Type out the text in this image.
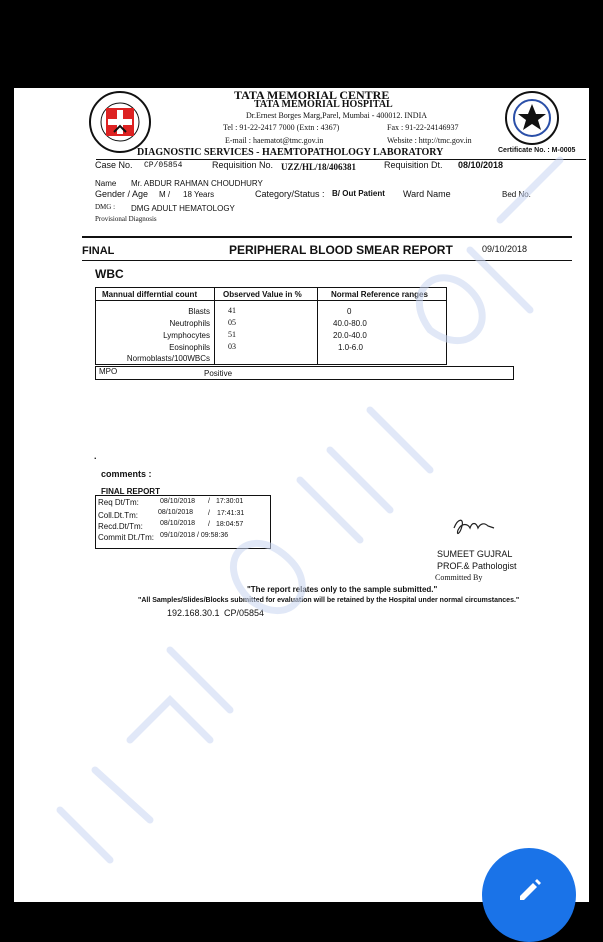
TATA MEMORIAL CENTRE
TATA MEMORIAL HOSPITAL
Dr.Ernest Borges Marg,Parel, Mumbai - 400012. INDIA
Tel : 91-22-2417 7000 (Extn : 4367)	Fax : 91-22-24146937
E-mail : haematot@tmc.gov.in	Website : http://tmc.gov.in
DIAGNOSTIC SERVICES - HAEMTOPATHOLOGY LABORATORY	Certificate No. : M-0005
Case No. CP/05854	Requisition No. UZZ/HL/18/406381	Requisition Dt. 08/10/2018
Name Mr. ABDUR RAHMAN CHOUDHURY
Gender / Age M / 18 Years	Category/Status : B/ Out Patient Ward Name	Bed No.
DMG : DMG ADULT HEMATOLOGY
Provisional Diagnosis
FINAL	PERIPHERAL BLOOD SMEAR REPORT	09/10/2018
WBC
Mannual differntial count	Observed Value in %	Normal Reference ranges
Blasts 41	0
Neutrophils 05	40.0-80.0
Lymphocytes 51	20.0-40.0
Eosinophils 03	1.0-6.0
Normoblasts/100WBCs
MPO	Positive
.
comments :
FINAL REPORT
Req Dt/Tm:	08/10/2018 / 17:30:01
Coll.Dt.Tm:	08/10/2018 / 17:41:31
Recd.Dt/Tm: 08/10/2018 / 18:04:57
Commit Dt./Tm: 09/10/2018 / 09:58:36
SUMEET GUJRAL
PROF.& Pathologist
Committed By
"The report relates only to the sample submitted."
"All Samples/Slides/Blocks submitted for evaluation will be retained by the Hospital under normal circumstances."
192.168.30.1 CP/05854
